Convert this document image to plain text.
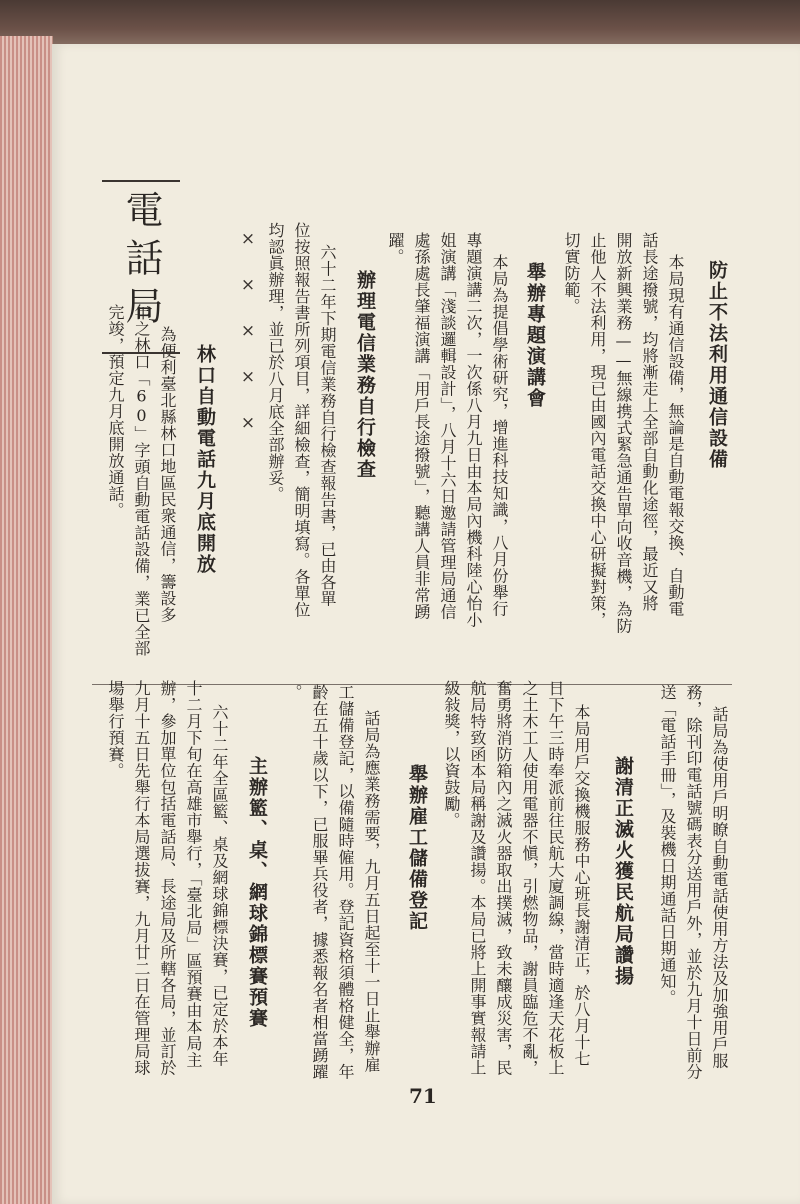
防止不法利用通信設備
本局現有通信設備，無論是自動電報交換、自動電
話長途撥號，均將漸走上全部自動化途徑，最近又將
開放新興業務——無線携式緊急通告單向收音機，為防
止他人不法利用，現已由國內電話交換中心研擬對策，
切實防範。
舉辦專題演講會
本局為提倡學術研究，增進科技知識，八月份舉行
專題演講二次，一次係八月九日由本局內機科陸心怡小
姐演講「淺談邏輯設計」，八月十六日邀請管理局通信
處孫處長肇福演講「用戶長途撥號」，聽講人員非常踴
躍。
辦理電信業務自行檢查
六十二年下期電信業務自行檢查報告書，已由各單
位按照報告書所列項目，詳細檢查，簡明填寫。各單位
均認眞辦理，並已於八月底全部辦妥。
×××××
林口自動電話九月底開放
為便利臺北縣林口地區民衆通信，籌設多
年之林口「60」字頭自動電話設備，業已全部
完竣，預定九月底開放通話。
電話局
話局為使用戶明瞭自動電話使用方法及加強用戶服
務，除刊印電話號碼表分送用戶外，並於九月十日前分
送「電話手冊」，及裝機日期通話日期通知。
謝清正滅火獲民航局讚揚
本局用戶交換機服務中心班長謝清正，於八月十七
日下午三時奉派前往民航大廈調線，當時適逢天花板上
之土木工人使用電器不愼，引燃物品，謝員臨危不亂，
奮勇將消防箱內之滅火器取出撲滅，致未釀成災害，民
航局特致函本局稱謝及讚揚。本局已將上開事實報請上
級敍獎，以資鼓勵。
舉辦雇工儲備登記
話局為應業務需要，九月五日起至十一日止舉辦雇
工儲備登記，以備隨時僱用。登記資格須體格健全，年
齡在五十歲以下，已服畢兵役者，據悉報名者相當踴躍
。
主辦籃、桌、網球錦標賽預賽
六十二年全區籃、桌及網球錦標決賽，已定於本年
十二月下旬在高雄市舉行，「臺北局」區預賽由本局主
辦，參加單位包括電話局、長途局及所轄各局，並訂於
九月十五日先舉行本局選拔賽，九月廿二日在管理局球
場舉行預賽。
71
